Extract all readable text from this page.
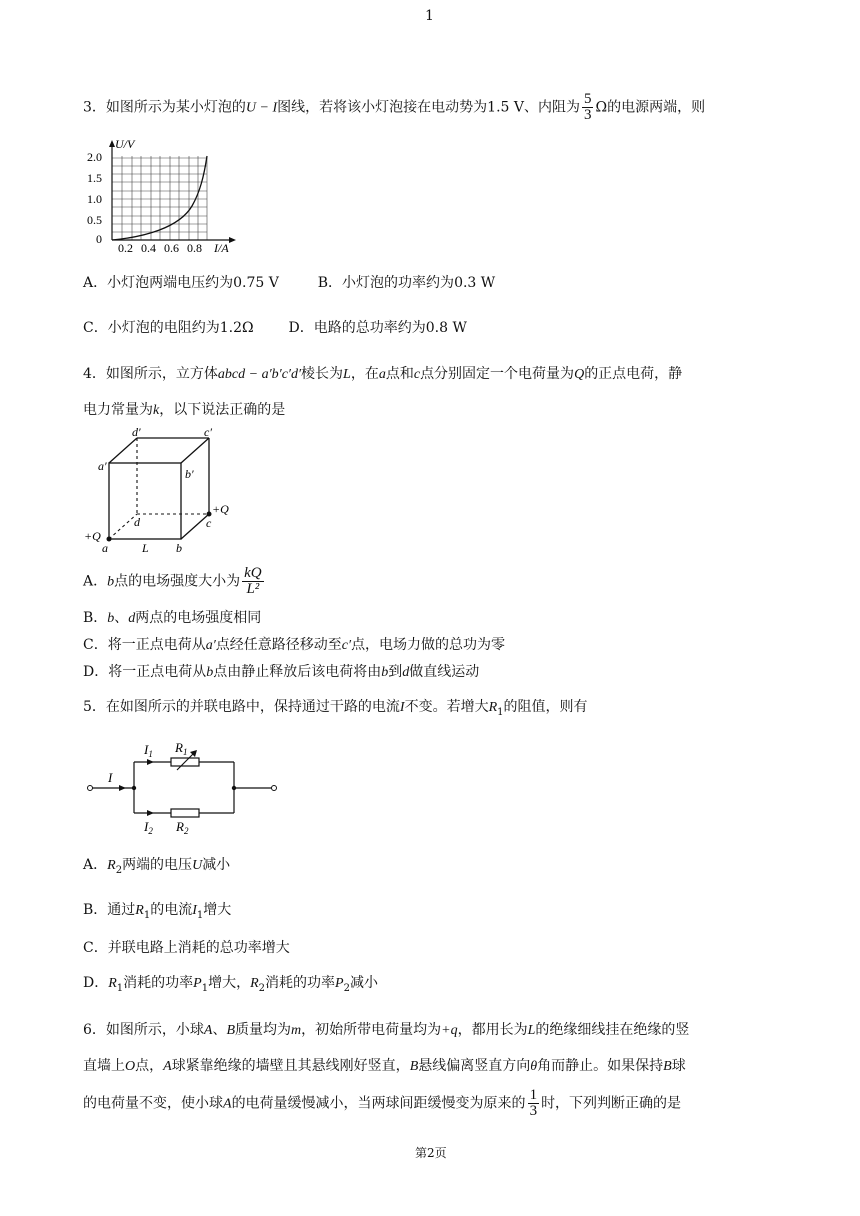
1
3．如图所示为某小灯泡的U − I图线，若将该小灯泡接在电动势为1.5 V、内阻为 $\frac{5}{3}$ Ω的电源两端，则
U/V
I/A
2.0
1.5
1.0
0.5
0
0.2 0.4 0.6 0.8
A．小灯泡两端电压约为0.75 V	B．小灯泡的功率约为0.3 W
C．小灯泡的电阻约为1.2Ω D．电路的总功率约为0.8 W
4．如图所示，立方体abcd − a′b′c′d′棱长为L，在a点和c点分别固定一个电荷量为Q的正点电荷，静
电力常量为k，以下说法正确的是
d′	c′
a′
b′
d
+Q
c
+Q
a	L b
A．b点的电场强度大小为 $\frac{kQ}{\text{L²}}$
B．b、d两点的电场强度相同
C．将一正点电荷从a′点经任意路径移动至c′点，电场力做的总功为零
D．将一正点电荷从b点由静止释放后该电荷将由b到d做直线运动
5．在如图所示的并联电路中，保持通过干路的电流I不变。若增大$R_1$的阻值，则有
I
$I_1$ $R_1$
$I_2$ $R_2$
A．$R_2$两端的电压U减小
B．通过$R_1$的电流$I_1$增大
C．并联电路上消耗的总功率增大
D．$R_1$消耗的功率$P_1$增大，$R_2$消耗的功率$P_2$减小
6．如图所示，小球A、B质量均为m，初始所带电荷量均为+q，都用长为L的绝缘细线挂在绝缘的竖
直墙上O点，A球紧靠绝缘的墙壁且其悬线刚好竖直，B悬线偏离竖直方向θ角而静止。如果保持B球
的电荷量不变，使小球A的电荷量缓慢减小，当两球间距缓慢变为原来的 $\frac{1}{3}$ 时，下列判断正确的是
第2页
